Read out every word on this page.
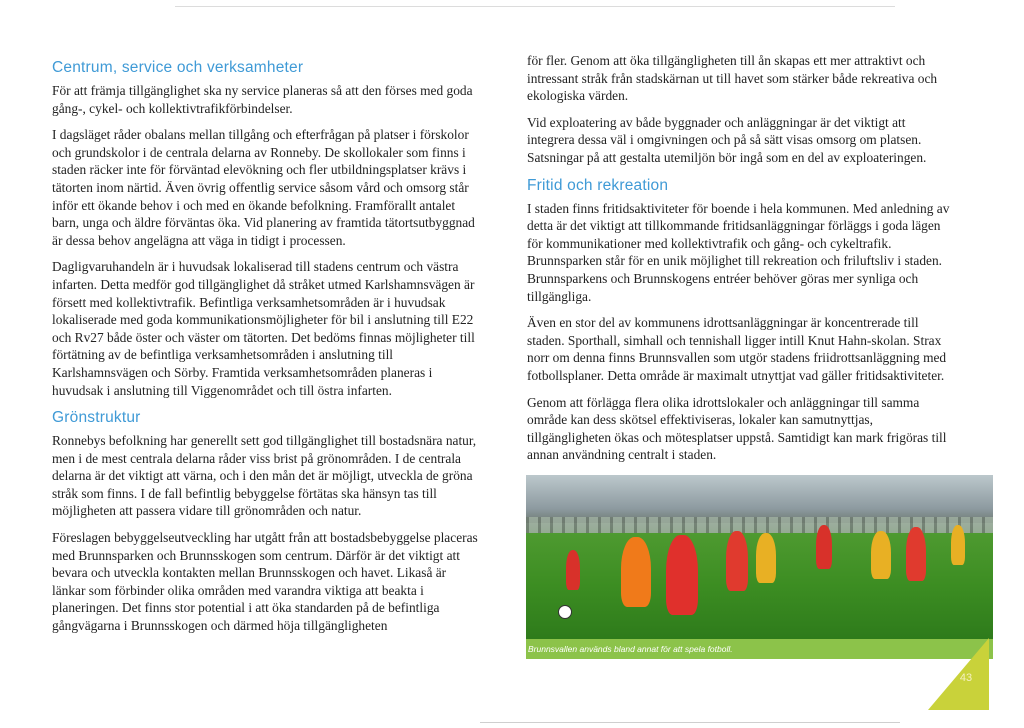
Centrum, service och verksamheter

För att främja tillgänglighet ska ny service planeras så att den förses med goda gång-, cykel- och kollektivtrafikförbindelser.

I dagsläget råder obalans mellan tillgång och efterfrågan på platser i förskolor och grundskolor i de centrala delarna av Ronneby. De skollokaler som finns i staden räcker inte för förväntad elevökning och fler utbildningsplatser krävs i tätorten inom närtid. Även övrig offentlig service såsom vård och omsorg står inför ett ökande behov i och med en ökande befolkning. Framförallt antalet barn, unga och äldre förväntas öka. Vid planering av framtida tätortsutbyggnad är dessa behov angelägna att väga in tidigt i processen.

Dagligvaruhandeln är i huvudsak lokaliserad till stadens centrum och västra infarten. Detta medför god tillgänglighet då stråket utmed Karlshamnsvägen är försett med kollektivtrafik. Befintliga verksamhetsområden är i huvudsak lokaliserade med goda kommunikationsmöjligheter för bil i anslutning till E22 och Rv27 både öster och väster om tätorten. Det bedöms finnas möjligheter till förtätning av de befintliga verksamhetsområden i anslutning till Karlshamnsvägen och Sörby. Framtida verksamhetsområden planeras i huvudsak i anslutning till Viggenområdet och till östra infarten.

Grönstruktur

Ronnebys befolkning har generellt sett god tillgänglighet till bostadsnära natur, men i de mest centrala delarna råder viss brist på grönområden. I de centrala delarna är det viktigt att värna, och i den mån det är möjligt, utveckla de gröna stråk som finns. I de fall befintlig bebyggelse förtätas ska hänsyn tas till möjligheten att passera vidare till grönområden och natur.

Föreslagen bebyggelseutveckling har utgått från att bostadsbebyggelse placeras med Brunnsparken och Brunnsskogen som centrum. Därför är det viktigt att bevara och utveckla kontakten mellan Brunnsskogen och havet. Likaså är länkar som förbinder olika områden med varandra viktiga att beakta i planeringen. Det finns stor potential i att öka standarden på de befintliga gångvägarna i Brunnsskogen och därmed höja tillgängligheten

för fler. Genom att öka tillgängligheten till ån skapas ett mer attraktivt och intressant stråk från stadskärnan ut till havet som stärker både rekreativa och ekologiska värden.

Vid exploatering av både byggnader och anläggningar är det viktigt att integrera dessa väl i omgivningen och på så sätt visas omsorg om platsen. Satsningar på att gestalta utemiljön bör ingå som en del av exploateringen.

Fritid och rekreation

I staden finns fritidsaktiviteter för boende i hela kommunen. Med anledning av detta är det viktigt att tillkommande fritidsanläggningar förläggs i goda lägen för kommunikationer med kollektivtrafik och gång- och cykeltrafik. Brunnsparken står för en unik möjlighet till rekreation och friluftsliv i staden. Brunnsparkens och Brunnskogens entréer behöver göras mer synliga och tillgängliga.

Även en stor del av kommunens idrottsanläggningar är koncentrerade till staden. Sporthall, simhall och tennishall ligger intill Knut Hahn-skolan. Strax norr om denna finns Brunnsvallen som utgör stadens friidrottsanläggning med fotbollsplaner. Detta område är maximalt utnyttjat vad gäller fritidsaktiviteter.

Genom att förlägga flera olika idrottslokaler och anläggningar till samma område kan dess skötsel effektiviseras, lokaler kan samutnyttjas, tillgängligheten ökas och mötesplatser uppstå. Samtidigt kan mark frigöras till annan användning centralt i staden.

Brunnsvallen används bland annat för att spela fotboll.
43
